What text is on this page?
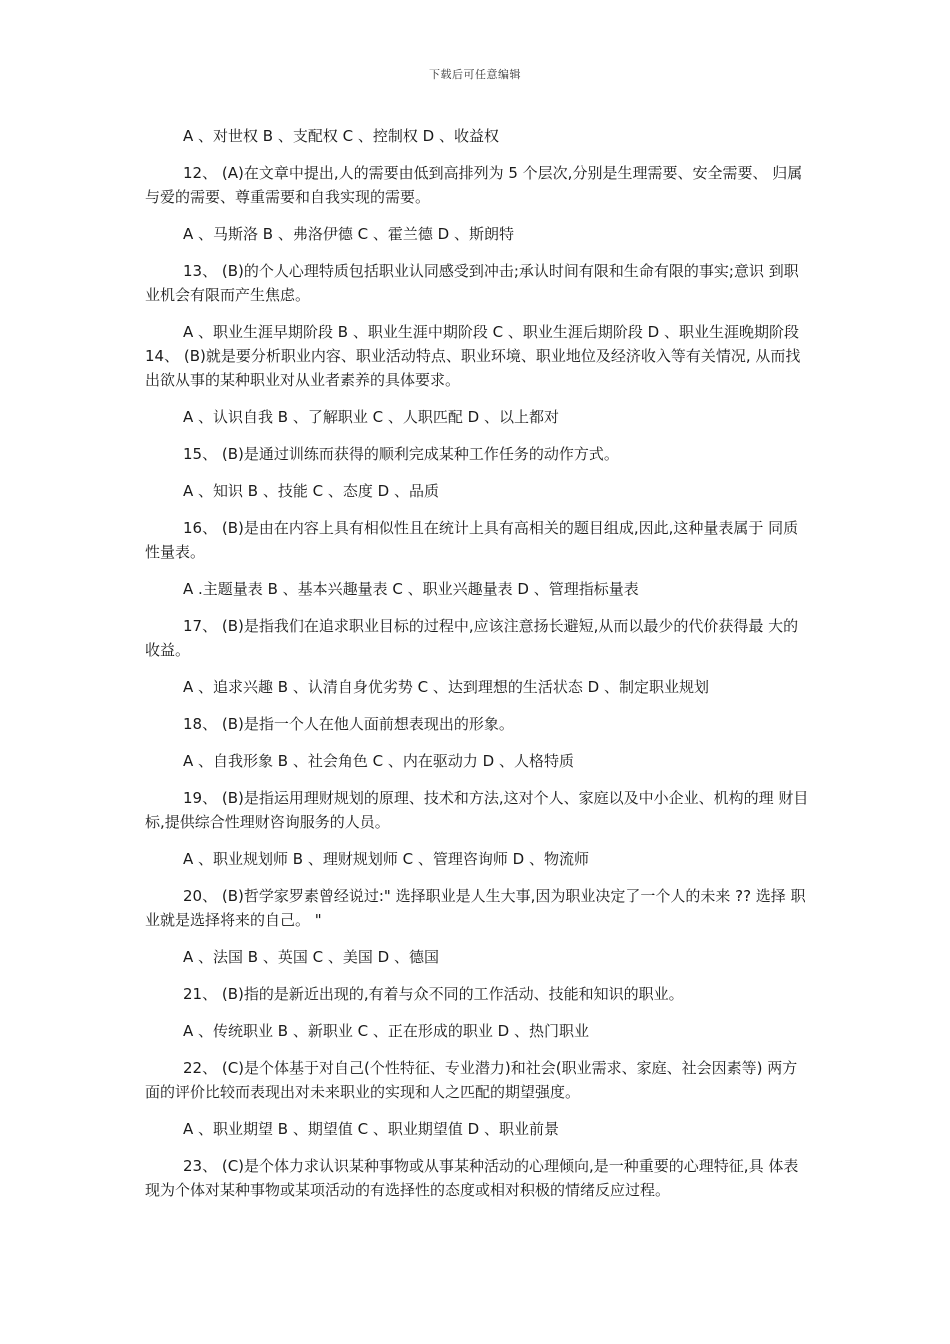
下载后可任意编辑

A 、对世权 B 、支配权 C 、控制权 D 、收益权

12、 (A)在文章中提出,人的需要由低到高排列为 5 个层次,分别是生理需要、安全需要、 归属与爱的需要、尊重需要和自我实现的需要。

A 、马斯洛 B 、弗洛伊德 C 、霍兰德 D 、斯朗特

13、 (B)的个人心理特质包括职业认同感受到冲击;承认时间有限和生命有限的事实;意识 到职业机会有限而产生焦虑。

A 、职业生涯早期阶段 B 、职业生涯中期阶段 C 、职业生涯后期阶段 D 、职业生涯晚期阶段 14、 (B)就是要分析职业内容、职业活动特点、职业环境、职业地位及经济收入等有关情况, 从而找出欲从事的某种职业对从业者素养的具体要求。

A 、认识自我 B 、了解职业 C 、人职匹配 D 、以上都对

15、 (B)是通过训练而获得的顺利完成某种工作任务的动作方式。

A 、知识 B 、技能 C 、态度 D 、品质

16、 (B)是由在内容上具有相似性且在统计上具有高相关的题目组成,因此,这种量表属于 同质性量表。

A .主题量表 B 、基本兴趣量表 C 、职业兴趣量表 D 、管理指标量表

17、 (B)是指我们在追求职业目标的过程中,应该注意扬长避短,从而以最少的代价获得最 大的收益。

A 、追求兴趣 B 、认清自身优劣势 C 、达到理想的生活状态 D 、制定职业规划

18、 (B)是指一个人在他人面前想表现出的形象。

A 、自我形象 B 、社会角色 C 、内在驱动力 D 、人格特质

19、 (B)是指运用理财规划的原理、技术和方法,这对个人、家庭以及中小企业、机构的理 财目标,提供综合性理财咨询服务的人员。

A 、职业规划师 B 、理财规划师 C 、管理咨询师 D 、物流师

20、 (B)哲学家罗素曾经说过:" 选择职业是人生大事,因为职业决定了一个人的未来 ?? 选择 职业就是选择将来的自己。 "

A 、法国 B 、英国 C 、美国 D 、德国

21、 (B)指的是新近出现的,有着与众不同的工作活动、技能和知识的职业。

A 、传统职业 B 、新职业 C 、正在形成的职业 D 、热门职业

22、 (C)是个体基于对自己(个性特征、专业潜力)和社会(职业需求、家庭、社会因素等) 两方面的评价比较而表现出对未来职业的实现和人之匹配的期望强度。

A 、职业期望 B 、期望值 C 、职业期望值 D 、职业前景

23、 (C)是个体力求认识某种事物或从事某种活动的心理倾向,是一种重要的心理特征,具 体表现为个体对某种事物或某项活动的有选择性的态度或相对积极的情绪反应过程。
